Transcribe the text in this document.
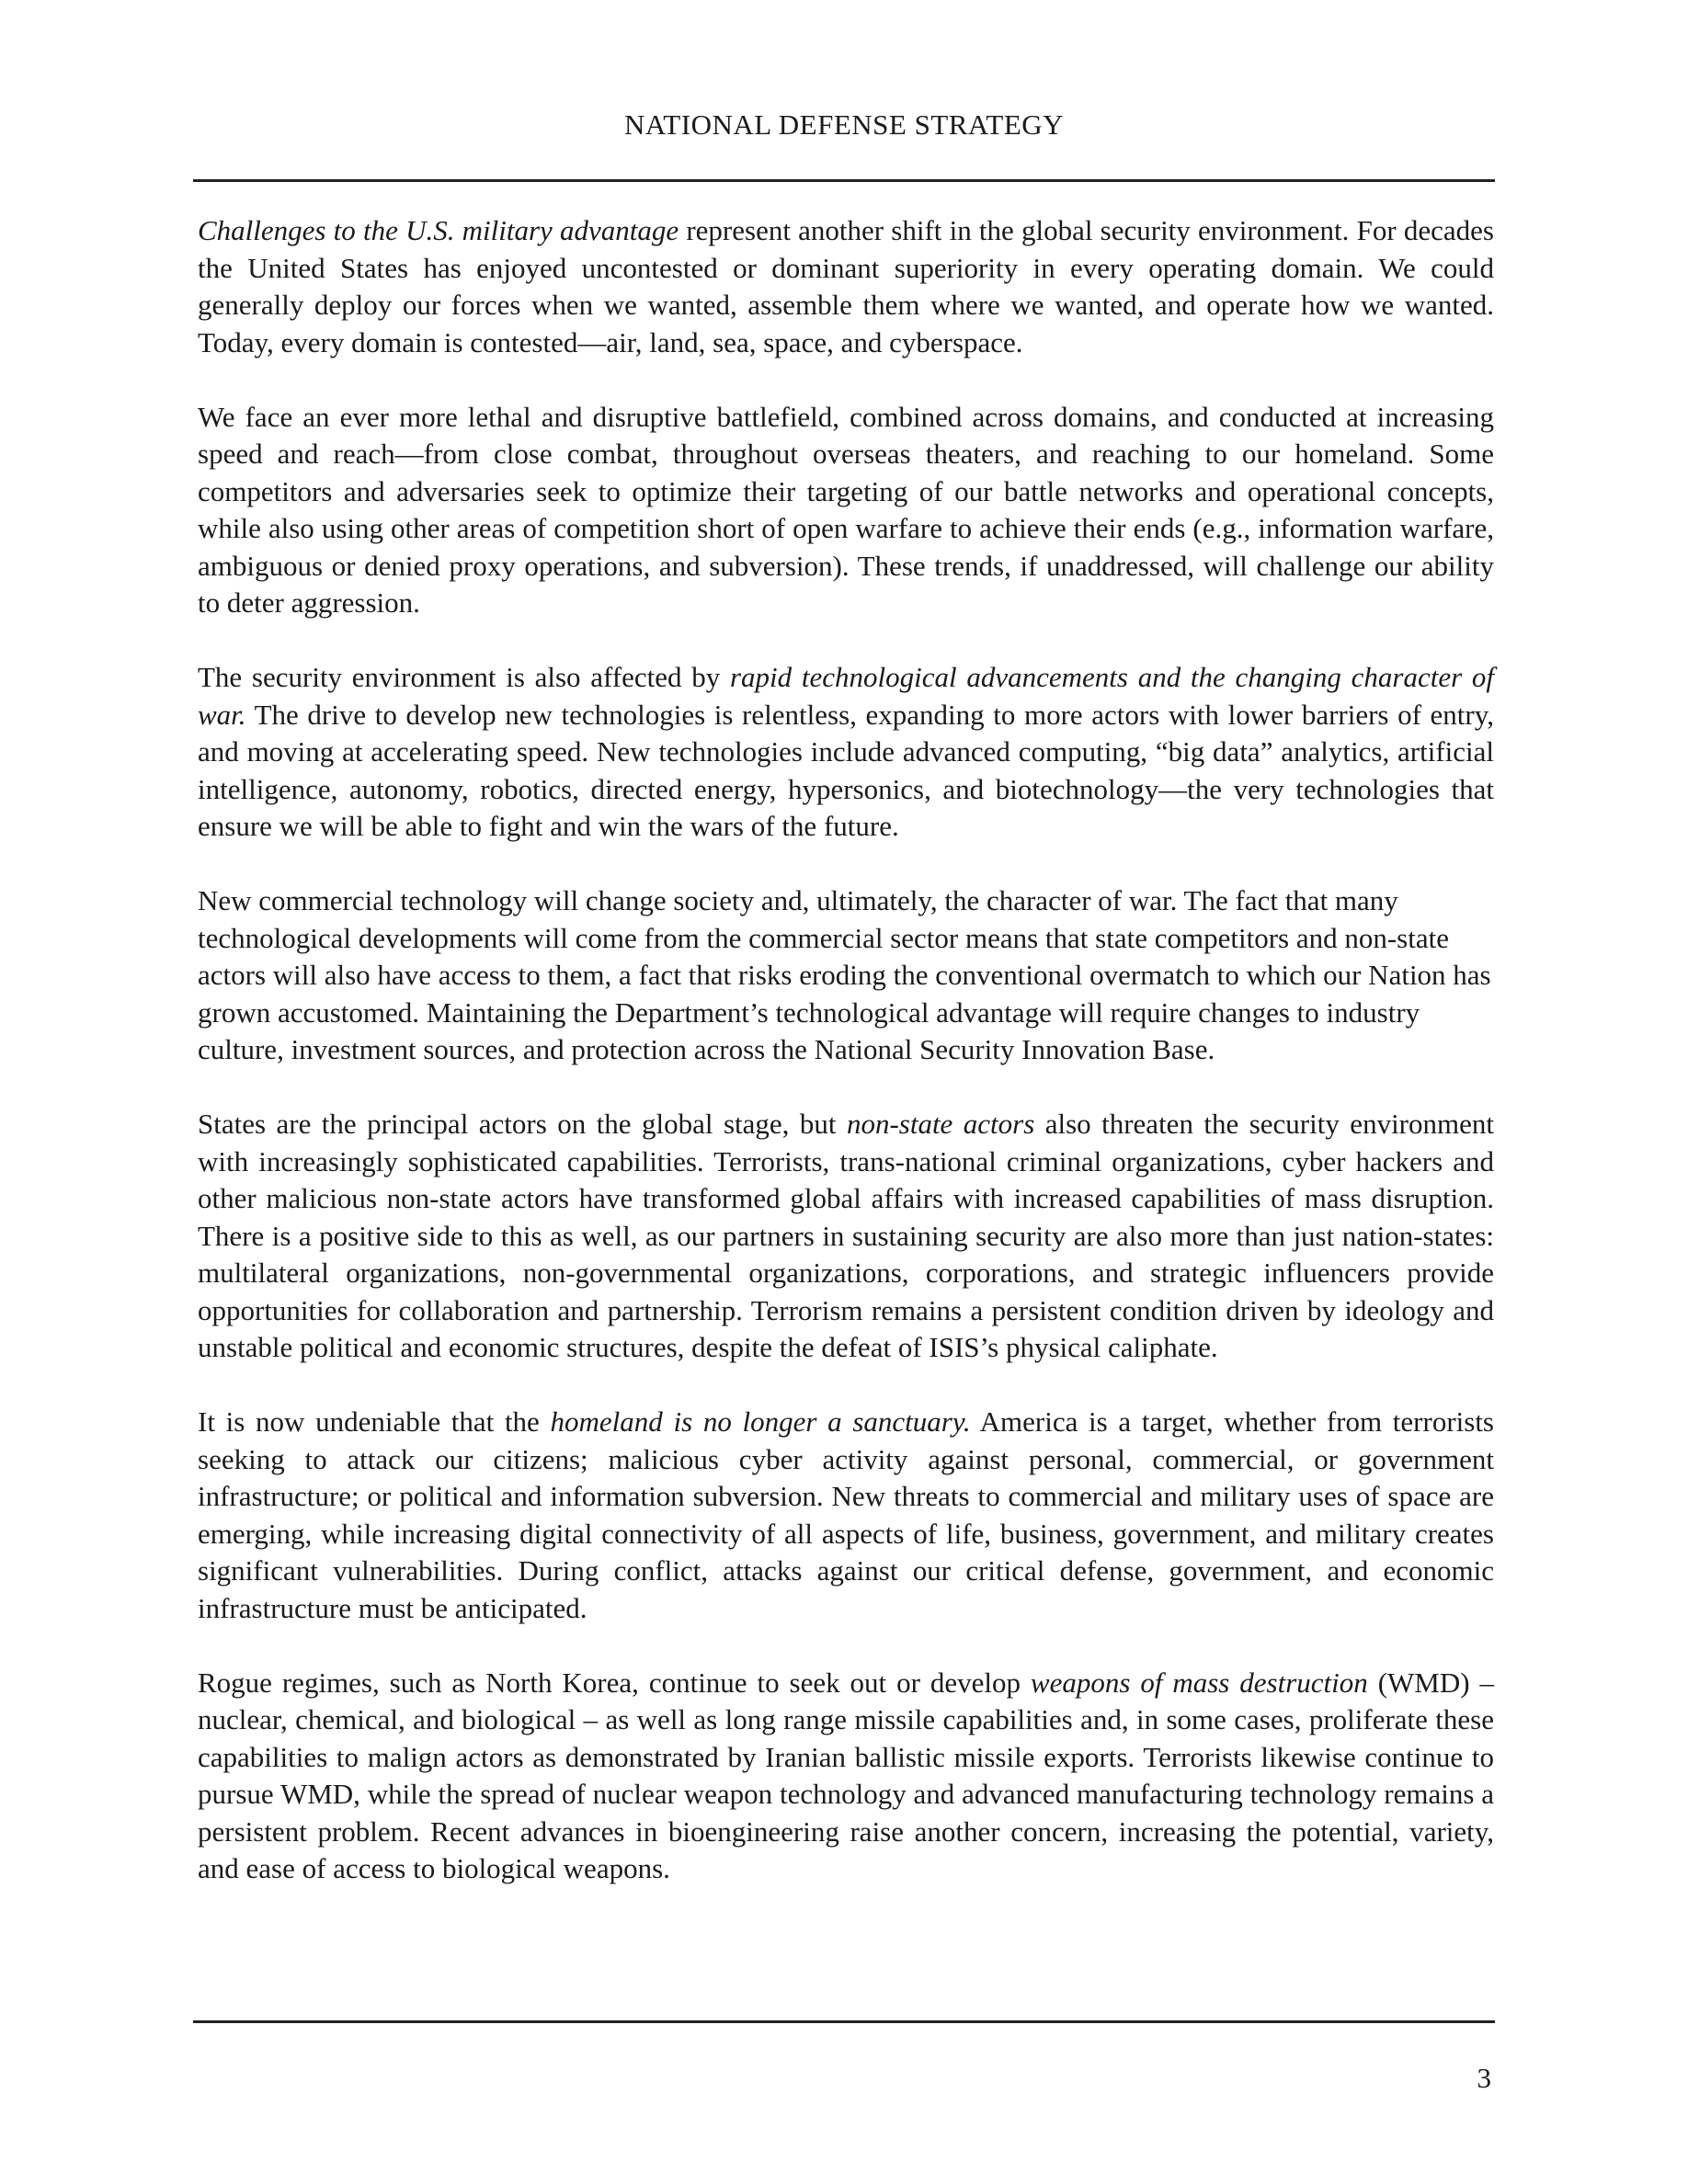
NATIONAL DEFENSE STRATEGY

Challenges to the U.S. military advantage represent another shift in the global security environment. For decades the United States has enjoyed uncontested or dominant superiority in every operating domain. We could generally deploy our forces when we wanted, assemble them where we wanted, and operate how we wanted. Today, every domain is contested—air, land, sea, space, and cyberspace.

We face an ever more lethal and disruptive battlefield, combined across domains, and conducted at increasing speed and reach—from close combat, throughout overseas theaters, and reaching to our homeland. Some competitors and adversaries seek to optimize their targeting of our battle networks and operational concepts, while also using other areas of competition short of open warfare to achieve their ends (e.g., information warfare, ambiguous or denied proxy operations, and subversion). These trends, if unaddressed, will challenge our ability to deter aggression.

The security environment is also affected by rapid technological advancements and the changing character of war. The drive to develop new technologies is relentless, expanding to more actors with lower barriers of entry, and moving at accelerating speed. New technologies include advanced computing, “big data” analytics, artificial intelligence, autonomy, robotics, directed energy, hypersonics, and biotechnology—the very technologies that ensure we will be able to fight and win the wars of the future.

New commercial technology will change society and, ultimately, the character of war. The fact that many technological developments will come from the commercial sector means that state competitors and non-state actors will also have access to them, a fact that risks eroding the conventional overmatch to which our Nation has grown accustomed. Maintaining the Department’s technological advantage will require changes to industry culture, investment sources, and protection across the National Security Innovation Base.

States are the principal actors on the global stage, but non-state actors also threaten the security environment with increasingly sophisticated capabilities. Terrorists, trans-national criminal organizations, cyber hackers and other malicious non-state actors have transformed global affairs with increased capabilities of mass disruption. There is a positive side to this as well, as our partners in sustaining security are also more than just nation-states: multilateral organizations, non-governmental organizations, corporations, and strategic influencers provide opportunities for collaboration and partnership. Terrorism remains a persistent condition driven by ideology and unstable political and economic structures, despite the defeat of ISIS’s physical caliphate.

It is now undeniable that the homeland is no longer a sanctuary. America is a target, whether from terrorists seeking to attack our citizens; malicious cyber activity against personal, commercial, or government infrastructure; or political and information subversion. New threats to commercial and military uses of space are emerging, while increasing digital connectivity of all aspects of life, business, government, and military creates significant vulnerabilities. During conflict, attacks against our critical defense, government, and economic infrastructure must be anticipated.

Rogue regimes, such as North Korea, continue to seek out or develop weapons of mass destruction (WMD) – nuclear, chemical, and biological – as well as long range missile capabilities and, in some cases, proliferate these capabilities to malign actors as demonstrated by Iranian ballistic missile exports. Terrorists likewise continue to pursue WMD, while the spread of nuclear weapon technology and advanced manufacturing technology remains a persistent problem. Recent advances in bioengineering raise another concern, increasing the potential, variety, and ease of access to biological weapons.

3
